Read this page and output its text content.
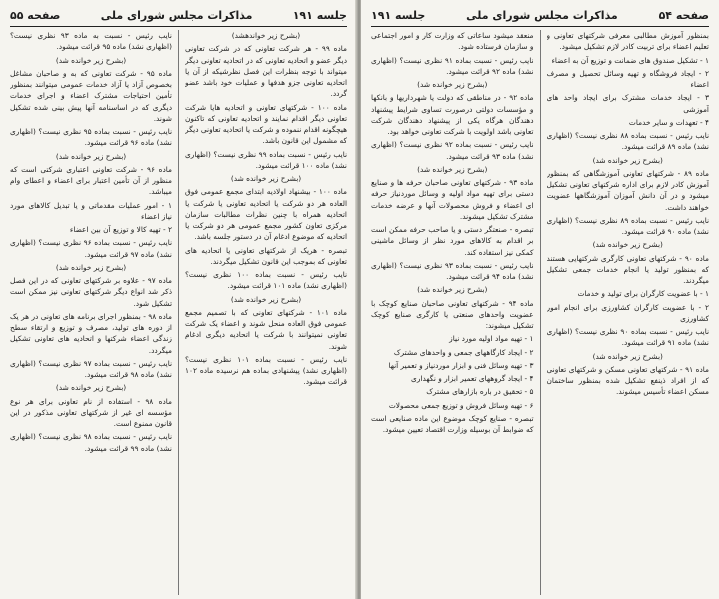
جلسه ۱۹۱
مذاکرات مجلس شورای ملی
صفحه ۵۵

(بشرح زیر خواندهشد)

ماده ۹۹ - هر شرکت تعاونی که در شرکت تعاونی دیگر عضو و اتحادیه تعاونی که در اتحادیه تعاونی دیگر میتواند با توجه بنظرات این فصل نظرشیکه از آن یا اتحادیه تعاونی جزو هدفها و عملیات خود باشد عضو گردد.

ماده ۱۰۰ - شرکتهای تعاونی و اتحادیه هایا شرکت تعاونی دیگر اقدام نمایند و اتحادیه تعاونی که تاکنون هیچگونه اقدام ننموده و شرکت یا اتحادیه تعاونی دیگر که مشمول این قانون باشد.

نایب رئیس - نسبت بماده ۹۹ نظری نیست؟ (اظهاری نشد) ماده ۱۰۰ قرائت میشود.

(بشرح زیر خوانده شد)

ماده ۱۰۰ - بیشنهاد اولادیه ابتدای مجمع عمومی فوق العاده هر دو شرکت یا اتحادیه تعاونی یا شرکت یا اتحادیه همراه با چنین نظرات مطالبات سازمان مرکزی تعاون کشور مجمع عمومی هر دو شرکت یا اتحادیه که موضوع ادغام آن در دستور جلسه باشد.

تبصره - هریک از شرکتهای تعاونی یا اتحادیه های تعاونی که بموجب این قانون تشکیل میگردند.

نایب رئیس - نسبت بماده ۱۰۰ نظری نیست؟ (اظهاری نشد) ماده ۱۰۱ قرائت میشود.

(بشرح زیر خوانده شد)

ماده ۱۰۱ - شرکتهای تعاونی که با تصمیم مجمع عمومی فوق العاده منحل شوند و اعضاء یک شرکت تعاونی نمیتوانند با شرکت یا اتحادیه دیگری ادغام شوند.

نایب رئیس - نسبت بماده ۱۰۱ نظری نیست؟ (اظهاری نشد) پیشنهادی بماده هم نرسیده ماده ۱۰۲ قرائت میشود.

نایب رئیس - نسبت به ماده ۹۳ نظری نیست؟ (اظهاری نشد) ماده ۹۵ قرائت میشود.

(بشرح زیر خوانده شد)

ماده ۹۵ - شرکت تعاونی که به و صاحبان مشاغل بخصوص آزاد یا آزاد خدمات عمومی میتوانند بمنظور تأمین احتیاجات مشترک اعضاء و اجرای خدمات دیگری که در اساسنامه آنها پیش بینی شده تشکیل شوند.

نایب رئیس - نسبت بماده ۹۵ نظری نیست؟ (اظهاری نشد) ماده ۹۶ قرائت میشود.

(بشرح زیر خوانده شد)

ماده ۹۶ - شرکت تعاونی اعتباری شرکتی است که منظور از آن تأمین اعتبار برای اعضاء و اعطای وام میباشد.

۱ - امور عملیات مقدماتی و یا تبدیل کالاهای مورد نیاز اعضاء

۲ - تهیه کالا و توزیع آن بین اعضاء

نایب رئیس - نسبت بماده ۹۶ نظری نیست؟ (اظهاری نشد) ماده ۹۷ قرائت میشود.

(بشرح زیر خوانده شد)

ماده ۹۷ - علاوه بر شرکتهای تعاونی که در این فصل ذکر شد انواع دیگر شرکتهای تعاونی نیز ممکن است تشکیل شود.

ماده ۹۸ - بمنظور اجرای برنامه های تعاونی در هر یک از دوره های تولید، مصرف و توزیع و ارتقاء سطح زندگی اعضاء شرکتها و اتحادیه های تعاونی تشکیل میگردد.

نایب رئیس - نسبت بماده ۹۷ نظری نیست؟ (اظهاری نشد) ماده ۹۸ قرائت میشود.

(بشرح زیر خوانده شد)

ماده ۹۸ - استفاده از نام تعاونی برای هر نوع مؤسسه ای غیر از شرکتهای تعاونی مذکور در این قانون ممنوع است.

نایب رئیس - نسبت بماده ۹۸ نظری نیست؟ (اظهاری نشد) ماده ۹۹ قرائت میشود.

صفحه ۵۴
مذاکرات مجلس شورای ملی
جلسه ۱۹۱

بمنظور آموزش مطالبی معرفی شرکتهای تعاونی و تعلیم اعضاء برای تربیت کادر لازم تشکیل میشود.

۱ - تشکیل صندوق های ضمانت و توزیع آن به اعضاء

۲ - ایجاد فروشگاه و تهیه وسائل تحصیل و مصرف اعضاء

۳ - ایجاد خدمات مشترک برای ایجاد واحد های آموزشی

۴ - تعهدات و سایر خدمات

نایب رئیس - نسبت بماده ۸۸ نظری نیست؟ (اظهاری نشد) ماده ۸۹ قرائت میشود.

(بشرح زیر خوانده شد)

ماده ۸۹ - شرکتهای تعاونی آموزشگاهی که بمنظور آموزش کادر لازم برای اداره شرکتهای تعاونی تشکیل میشود و در آن دانش آموزان آموزشگاهها عضویت خواهند داشت.

نایب رئیس - نسبت بماده ۸۹ نظری نیست؟ (اظهاری نشد) ماده ۹۰ قرائت میشود.

(بشرح زیر خوانده شد)

ماده ۹۰ - شرکتهای تعاونی کارگری شرکتهایی هستند که بمنظور تولید یا انجام خدمات جمعی تشکیل میگردند.

۱ - با عضویت کارگران برای تولید و خدمات

۲ - با عضویت کارگران کشاورزی برای انجام امور کشاورزی

نایب رئیس - نسبت بماده ۹۰ نظری نیست؟ (اظهاری نشد) ماده ۹۱ قرائت میشود.

(بشرح زیر خوانده شد)

ماده ۹۱ - شرکتهای تعاونی مسکن و شرکتهای تعاونی که از افراد ذینفع تشکیل شده بمنظور ساختمان مسکن اعضاء تأسیس میشوند.

منعقد میشود ساعاتی که وزارت کار و امور اجتماعی و سازمان فرستاده شود.

نایب رئیس - نسبت بماده ۹۱ نظری نیست؟ (اظهاری نشد) ماده ۹۲ قرائت میشود.

(بشرح زیر خوانده شد)

ماده ۹۲ - در مناطقی که دولت یا شهرداریها و بانکها و مؤسسات دولتی درصورت تساوی شرایط پیشنهاد دهندگان هرگاه یکی از پیشنهاد دهندگان شرکت تعاونی باشد اولویت با شرکت تعاونی خواهد بود.

نایب رئیس - نسبت بماده ۹۲ نظری نیست؟ (اظهاری نشد) ماده ۹۳ قرائت میشود.

(بشرح زیر خوانده شد)

ماده ۹۳ - شرکتهای تعاونی صاحبان حرفه ها و صنایع دستی برای تهیه مواد اولیه و وسائل موردنیاز حرفه ای اعضاء و فروش محصولات آنها و عرضه خدمات مشترک تشکیل میشوند.

تبصره - صنعتگر دستی و یا صاحب حرفه ممکن است بر اقدام به کالاهای مورد نظر از وسائل ماشینی کمکی نیز استفاده کند.

نایب رئیس - نسبت بماده ۹۳ نظری نیست؟ (اظهاری نشد) ماده ۹۴ قرائت میشود.

(بشرح زیر خوانده شد)

ماده ۹۴ - شرکتهای تعاونی صاحبان صنایع کوچک با عضویت واحدهای صنعتی یا کارگری صنایع کوچک تشکیل میشوند:

۱ - تهیه مواد اولیه مورد نیاز

۲ - ایجاد کارگاههای جمعی و واحدهای مشترک

۳ - تهیه وسائل فنی و ابزار موردنیاز و تعمیر آنها

۴ - ایجاد گروههای تعمیر ابزار و نگهداری

۵ - تحقیق در باره بازارهای مشترک

۶ - تهیه وسائل فروش و توزیع جمعی محصولات

تبصره - صنایع کوچک موضوع این ماده صنایعی است که ضوابط آن بوسیله وزارت اقتصاد تعیین میشود.
